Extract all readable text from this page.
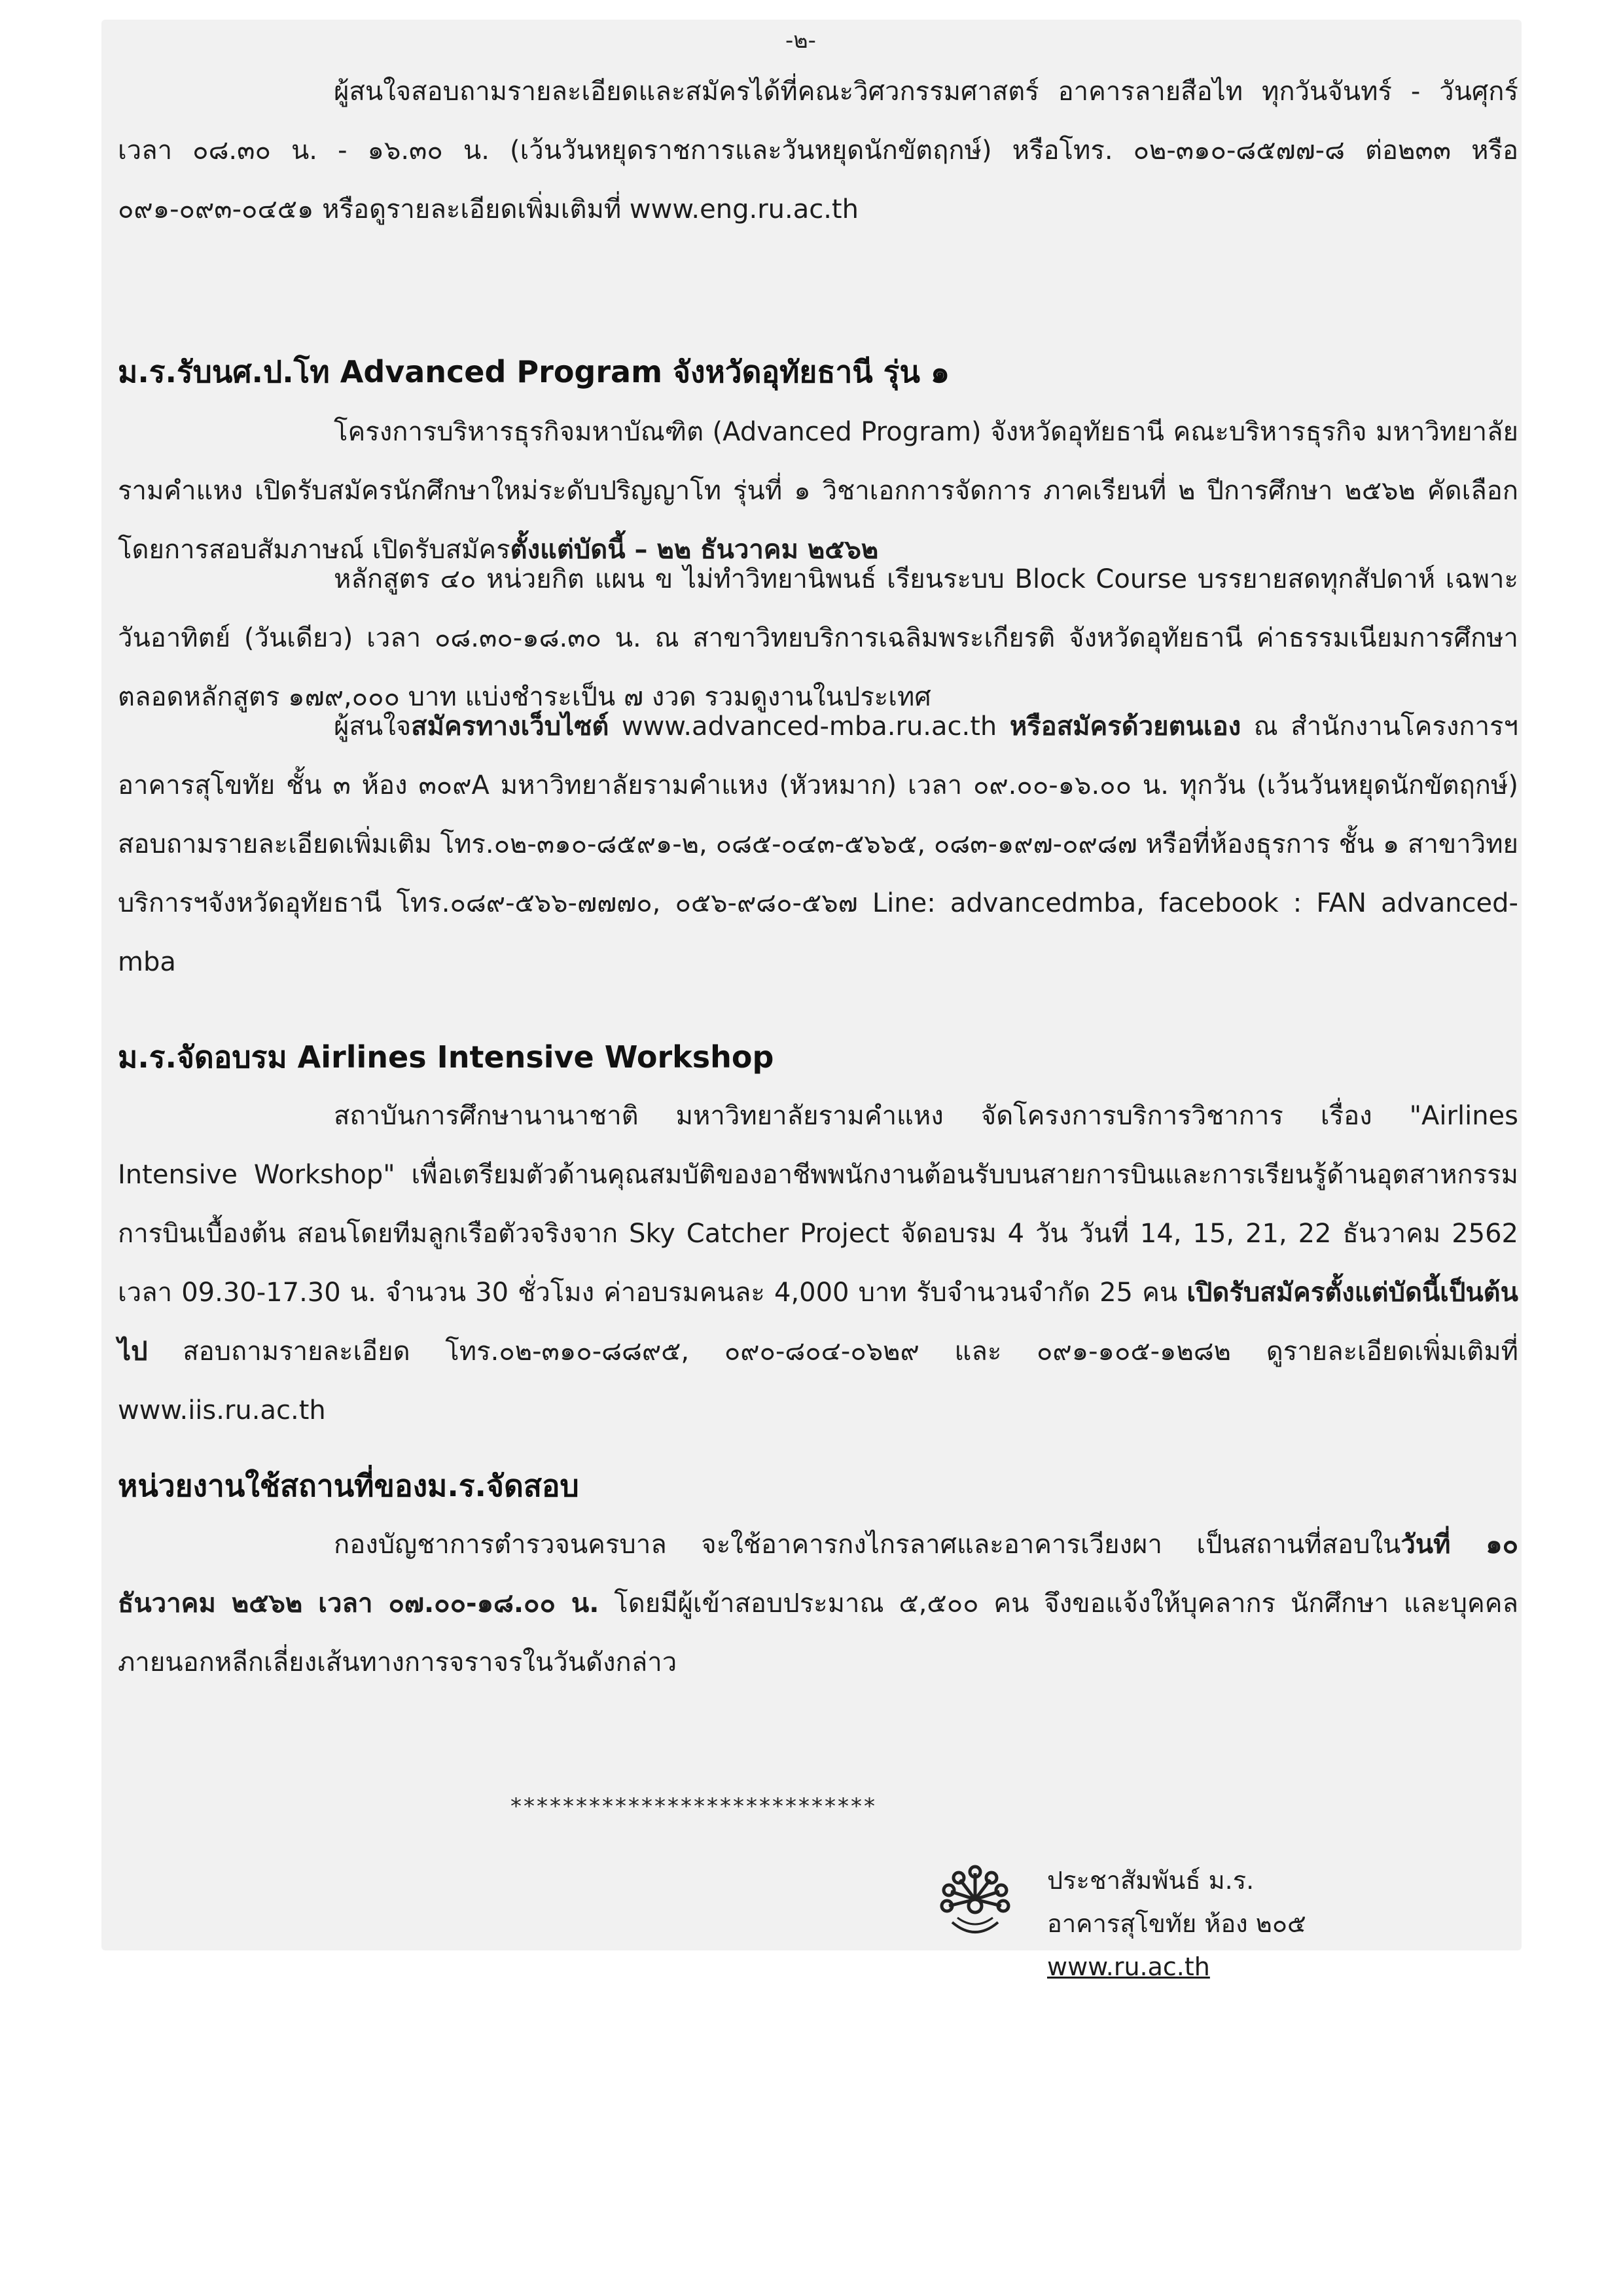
-๒-

ผู้สนใจสอบถามรายละเอียดและสมัครได้ที่คณะวิศวกรรมศาสตร์ อาคารลายสือไท ทุกวันจันทร์ - วันศุกร์ เวลา ๐๘.๓๐ น. - ๑๖.๓๐ น. (เว้นวันหยุดราชการและวันหยุดนักขัตฤกษ์) หรือโทร. ๐๒-๓๑๐-๘๕๗๗-๘ ต่อ๒๓๓ หรือ ๐๙๑-๐๙๓-๐๔๕๑ หรือดูรายละเอียดเพิ่มเติมที่ www.eng.ru.ac.th

ม.ร.รับนศ.ป.โท Advanced Program จังหวัดอุทัยธานี รุ่น ๑

โครงการบริหารธุรกิจมหาบัณฑิต (Advanced Program) จังหวัดอุทัยธานี คณะบริหารธุรกิจ มหาวิทยาลัยรามคำแหง เปิดรับสมัครนักศึกษาใหม่ระดับปริญญาโท รุ่นที่ ๑ วิชาเอกการจัดการ ภาคเรียนที่ ๒ ปีการศึกษา ๒๕๖๒ คัดเลือกโดยการสอบสัมภาษณ์ เปิดรับสมัครตั้งแต่บัดนี้ – ๒๒ ธันวาคม ๒๕๖๒

หลักสูตร ๔๐ หน่วยกิต แผน ข ไม่ทำวิทยานิพนธ์ เรียนระบบ Block Course บรรยายสดทุกสัปดาห์ เฉพาะวันอาทิตย์ (วันเดียว) เวลา ๐๘.๓๐-๑๘.๓๐ น. ณ สาขาวิทยบริการเฉลิมพระเกียรติ จังหวัดอุทัยธานี ค่าธรรมเนียมการศึกษาตลอดหลักสูตร ๑๗๙,๐๐๐ บาท แบ่งชำระเป็น ๗ งวด รวมดูงานในประเทศ

ผู้สนใจสมัครทางเว็บไซต์ www.advanced-mba.ru.ac.th หรือสมัครด้วยตนเอง ณ สำนักงานโครงการฯ อาคารสุโขทัย ชั้น ๓ ห้อง ๓๐๙A มหาวิทยาลัยรามคำแหง (หัวหมาก) เวลา ๐๙.๐๐-๑๖.๐๐ น. ทุกวัน (เว้นวันหยุดนักขัตฤกษ์) สอบถามรายละเอียดเพิ่มเติม โทร.๐๒-๓๑๐-๘๕๙๑-๒, ๐๘๕-๐๔๓-๕๖๖๕, ๐๘๓-๑๙๗-๐๙๘๗ หรือที่ห้องธุรการ ชั้น ๑ สาขาวิทยบริการฯจังหวัดอุทัยธานี โทร.๐๘๙-๕๖๖-๗๗๗๐, ๐๕๖-๙๘๐-๕๖๗ Line: advancedmba, facebook : FAN advanced-mba

ม.ร.จัดอบรม Airlines Intensive Workshop

สถาบันการศึกษานานาชาติ มหาวิทยาลัยรามคำแหง จัดโครงการบริการวิชาการ เรื่อง "Airlines Intensive Workshop" เพื่อเตรียมตัวด้านคุณสมบัติของอาชีพพนักงานต้อนรับบนสายการบินและการเรียนรู้ด้านอุตสาหกรรมการบินเบื้องต้น สอนโดยทีมลูกเรือตัวจริงจาก Sky Catcher Project จัดอบรม 4 วัน วันที่ 14, 15, 21, 22 ธันวาคม 2562 เวลา 09.30-17.30 น. จำนวน 30 ชั่วโมง ค่าอบรมคนละ 4,000 บาท รับจำนวนจำกัด 25 คน เปิดรับสมัครตั้งแต่บัดนี้เป็นต้นไป สอบถามรายละเอียด โทร.๐๒-๓๑๐-๘๘๙๕, ๐๙๐-๘๐๔-๐๖๒๙ และ ๐๙๑-๑๐๕-๑๒๘๒ ดูรายละเอียดเพิ่มเติมที่ www.iis.ru.ac.th

หน่วยงานใช้สถานที่ของม.ร.จัดสอบ

กองบัญชาการตำรวจนครบาล จะใช้อาคารกงไกรลาศและอาคารเวียงผา เป็นสถานที่สอบในวันที่ ๑๐ ธันวาคม ๒๕๖๒ เวลา ๐๗.๐๐-๑๘.๐๐ น. โดยมีผู้เข้าสอบประมาณ ๕,๕๐๐ คน จึงขอแจ้งให้บุคลากร นักศึกษา และบุคคลภายนอกหลีกเลี่ยงเส้นทางการจราจรในวันดังกล่าว

****************************
ประชาสัมพันธ์ ม.ร.
อาคารสุโขทัย ห้อง ๒๐๕
www.ru.ac.th
